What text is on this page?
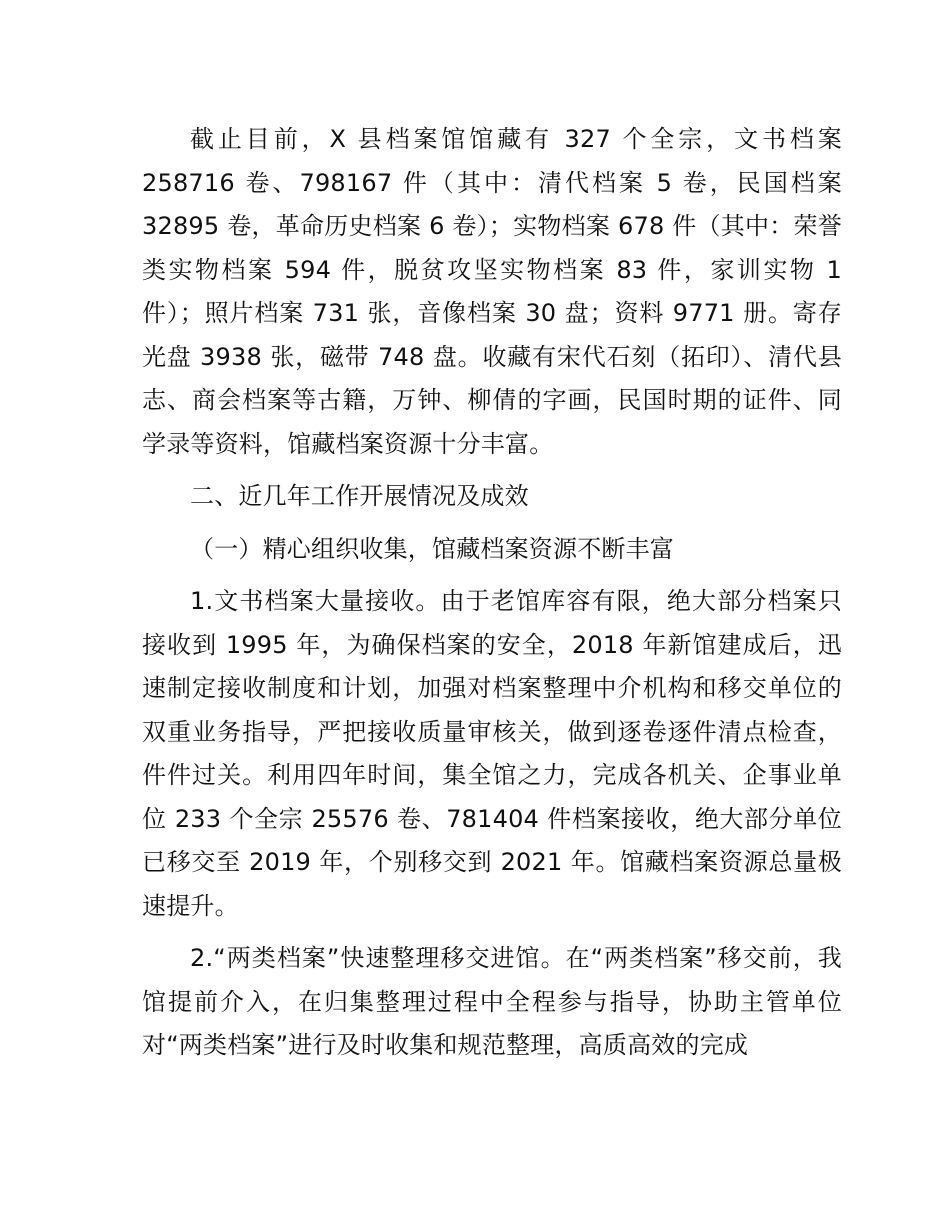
截止目前，X 县档案馆馆藏有 327 个全宗，文书档案 258716 卷、798167 件（其中：清代档案 5 卷，民国档案 32895 卷，革命历史档案 6 卷）；实物档案 678 件（其中：荣誉类实物档案 594 件，脱贫攻坚实物档案 83 件，家训实物 1 件）；照片档案 731 张，音像档案 30 盘；资料 9771 册。寄存光盘 3938 张，磁带 748 盘。收藏有宋代石刻（拓印）、清代县志、商会档案等古籍，万钟、柳倩的字画，民国时期的证件、同学录等资料，馆藏档案资源十分丰富。

二、近几年工作开展情况及成效

（一）精心组织收集，馆藏档案资源不断丰富

1.文书档案大量接收。由于老馆库容有限，绝大部分档案只接收到 1995 年，为确保档案的安全，2018 年新馆建成后，迅速制定接收制度和计划，加强对档案整理中介机构和移交单位的双重业务指导，严把接收质量审核关，做到逐卷逐件清点检查，件件过关。利用四年时间，集全馆之力，完成各机关、企事业单位 233 个全宗 25576 卷、781404 件档案接收，绝大部分单位已移交至 2019 年，个别移交到 2021 年。馆藏档案资源总量极速提升。

2.“两类档案”快速整理移交进馆。在“两类档案”移交前，我馆提前介入，在归集整理过程中全程参与指导，协助主管单位对“两类档案”进行及时收集和规范整理，高质高效的完成
